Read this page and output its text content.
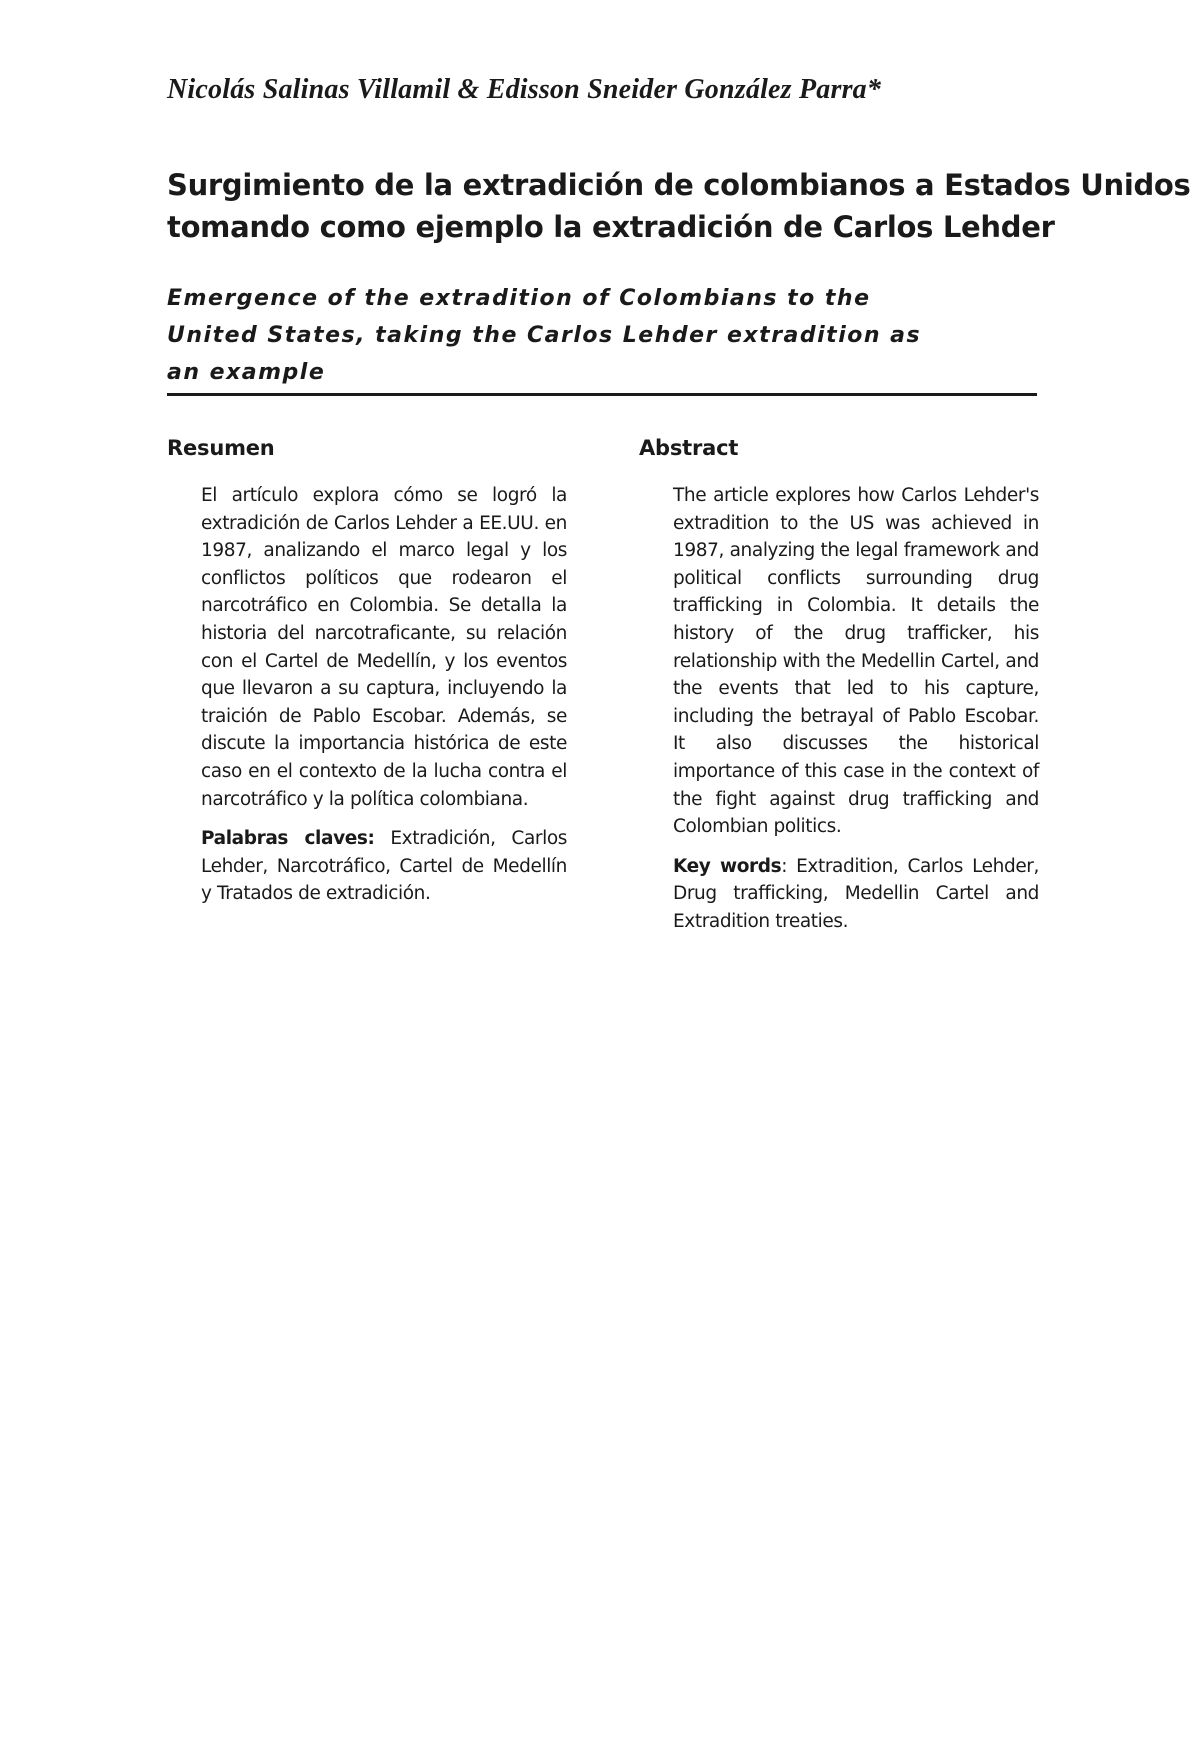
Nicolás Salinas Villamil & Edisson Sneider González Parra*
Surgimiento de la extradición de colombianos a Estados Unidos
tomando como ejemplo la extradición de Carlos Lehder
Emergence of the extradition of Colombians to the
United States, taking the Carlos Lehder extradition as
an example
Resumen

El artículo explora cómo se logró la extradición de Carlos Lehder a EE.UU. en 1987, analizando el marco legal y los conflictos políticos que rodearon el narcotráfico en Colombia. Se detalla la historia del narcotraficante, su relación con el Cartel de Medellín, y los eventos que llevaron a su captura, incluyendo la traición de Pablo Escobar. Además, se discute la importancia histórica de este caso en el contexto de la lucha contra el narcotráfico y la política colombiana.

Palabras claves: Extradición, Carlos Lehder, Narcotráfico, Cartel de Medellín y Tratados de extradición.

Abstract

The article explores how Carlos Lehder's extradition to the US was achieved in 1987, analyzing the legal framework and political conflicts surrounding drug trafficking in Colombia. It details the history of the drug trafficker, his relationship with the Medellin Cartel, and the events that led to his capture, including the betrayal of Pablo Escobar. It also discusses the historical importance of this case in the context of the fight against drug trafficking and Colombian politics.

Key words: Extradition, Carlos Lehder, Drug trafficking, Medellin Cartel and Extradition treaties.
